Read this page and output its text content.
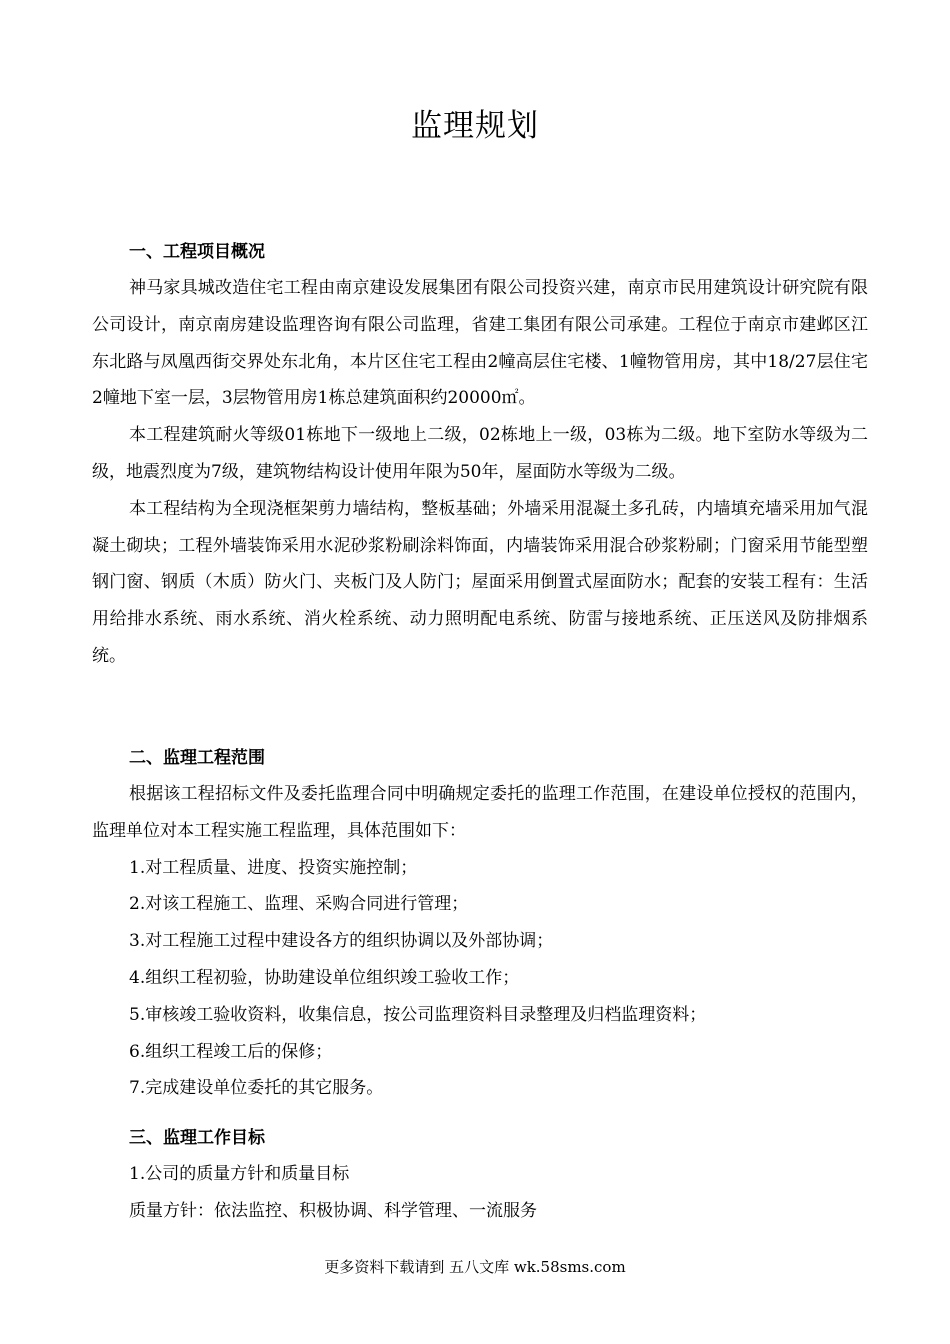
监理规划
一、工程项目概况

神马家具城改造住宅工程由南京建设发展集团有限公司投资兴建，南京市民用建筑设计研究院有限公司设计，南京南房建设监理咨询有限公司监理，省建工集团有限公司承建。工程位于南京市建邺区江东北路与凤凰西街交界处东北角，本片区住宅工程由2幢高层住宅楼、1幢物管用房，其中18/27层住宅2幢地下室一层，3层物管用房1栋总建筑面积约20000㎡。

本工程建筑耐火等级01栋地下一级地上二级，02栋地上一级，03栋为二级。地下室防水等级为二级，地震烈度为7级，建筑物结构设计使用年限为50年，屋面防水等级为二级。

本工程结构为全现浇框架剪力墙结构，整板基础；外墙采用混凝土多孔砖，内墙填充墙采用加气混凝土砌块；工程外墙装饰采用水泥砂浆粉刷涂料饰面，内墙装饰采用混合砂浆粉刷；门窗采用节能型塑钢门窗、钢质（木质）防火门、夹板门及人防门；屋面采用倒置式屋面防水；配套的安装工程有：生活用给排水系统、雨水系统、消火栓系统、动力照明配电系统、防雷与接地系统、正压送风及防排烟系统。

二、监理工程范围

根据该工程招标文件及委托监理合同中明确规定委托的监理工作范围，在建设单位授权的范围内，监理单位对本工程实施工程监理，具体范围如下：

1.对工程质量、进度、投资实施控制；

2.对该工程施工、监理、采购合同进行管理；

3.对工程施工过程中建设各方的组织协调以及外部协调；

4.组织工程初验，协助建设单位组织竣工验收工作；

5.审核竣工验收资料，收集信息，按公司监理资料目录整理及归档监理资料；

6.组织工程竣工后的保修；

7.完成建设单位委托的其它服务。

三、监理工作目标

1.公司的质量方针和质量目标

质量方针：依法监控、积极协调、科学管理、一流服务

更多资料下载请到 五八文库 wk.58sms.com
